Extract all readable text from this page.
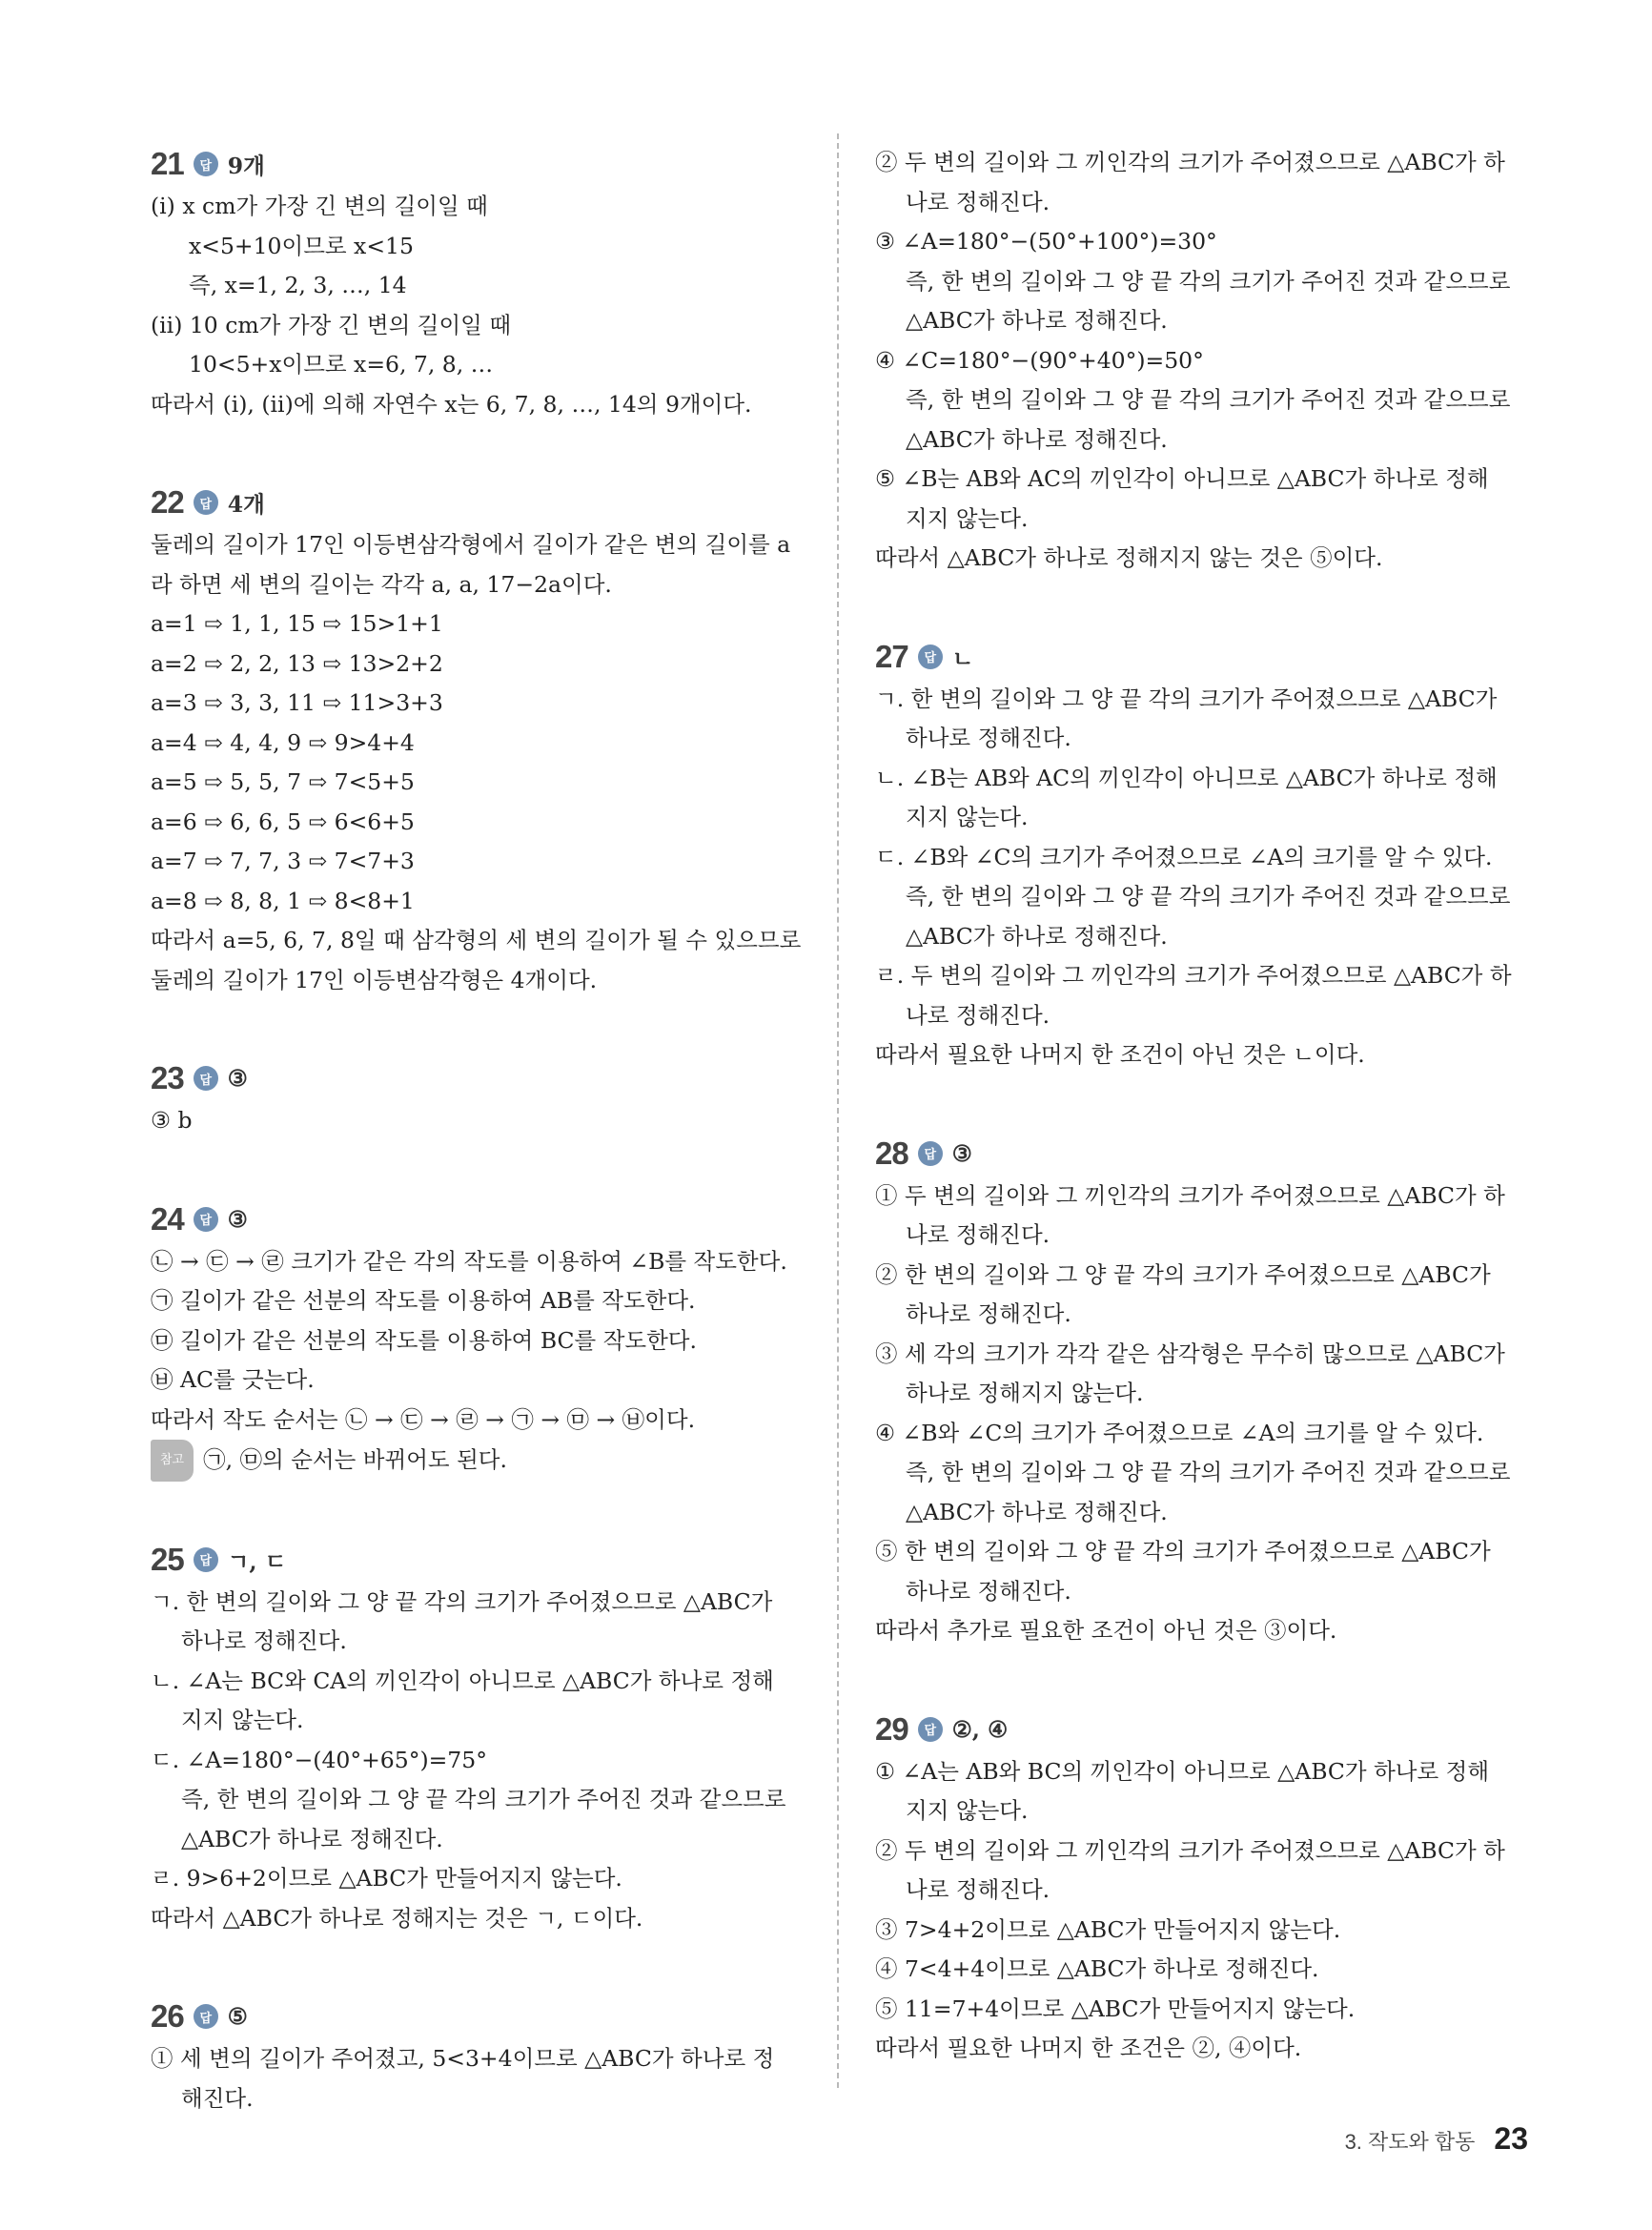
21	답 9개
(ⅰ) x cm가 가장 긴 변의 길이일 때
x<5+10이므로 x<15
즉, x=1, 2, 3, …, 14
(ⅱ) 10 cm가 가장 긴 변의 길이일 때
10<5+x이므로 x=6, 7, 8, …
따라서 (ⅰ), (ⅱ)에 의해 자연수 x는 6, 7, 8, …, 14의 9개이다.
22	답 4개
둘레의 길이가 17인 이등변삼각형에서 길이가 같은 변의 길이를 a
라 하면 세 변의 길이는 각각 a, a, 17−2a이다.
a=1 ⇨ 1, 1, 15 ⇨ 15>1+1
a=2 ⇨ 2, 2, 13 ⇨ 13>2+2
a=3 ⇨ 3, 3, 11 ⇨ 11>3+3
a=4 ⇨ 4, 4, 9 ⇨ 9>4+4
a=5 ⇨ 5, 5, 7 ⇨ 7<5+5
a=6 ⇨ 6, 6, 5 ⇨ 6<6+5
a=7 ⇨ 7, 7, 3 ⇨ 7<7+3
a=8 ⇨ 8, 8, 1 ⇨ 8<8+1
따라서 a=5, 6, 7, 8일 때 삼각형의 세 변의 길이가 될 수 있으므로
둘레의 길이가 17인 이등변삼각형은 4개이다.
23	답 ③
③ b
24	답 ③
㉡ → ㉢ → ㉣ 크기가 같은 각의 작도를 이용하여 ∠B를 작도한다.
㉠ 길이가 같은 선분의 작도를 이용하여 AB를 작도한다.
㉤ 길이가 같은 선분의 작도를 이용하여 BC를 작도한다.
㉥ AC를 긋는다.
따라서 작도 순서는 ㉡ → ㉢ → ㉣ → ㉠ → ㉤ → ㉥이다.
참고 ㉠, ㉤의 순서는 바뀌어도 된다.
25	답 ㄱ, ㄷ
ㄱ. 한 변의 길이와 그 양 끝 각의 크기가 주어졌으므로 △ABC가
하나로 정해진다.
ㄴ. ∠A는 BC와 CA의 끼인각이 아니므로 △ABC가 하나로 정해
지지 않는다.
ㄷ. ∠A=180°−(40°+65°)=75°
즉, 한 변의 길이와 그 양 끝 각의 크기가 주어진 것과 같으므로
△ABC가 하나로 정해진다.
ㄹ. 9>6+2이므로 △ABC가 만들어지지 않는다.
따라서 △ABC가 하나로 정해지는 것은 ㄱ, ㄷ이다.
26	답 ⑤
① 세 변의 길이가 주어졌고, 5<3+4이므로 △ABC가 하나로 정
해진다.
② 두 변의 길이와 그 끼인각의 크기가 주어졌으므로 △ABC가 하
나로 정해진다.
③ ∠A=180°−(50°+100°)=30°
즉, 한 변의 길이와 그 양 끝 각의 크기가 주어진 것과 같으므로
△ABC가 하나로 정해진다.
④ ∠C=180°−(90°+40°)=50°
즉, 한 변의 길이와 그 양 끝 각의 크기가 주어진 것과 같으므로
△ABC가 하나로 정해진다.
⑤ ∠B는 AB와 AC의 끼인각이 아니므로 △ABC가 하나로 정해
지지 않는다.
따라서 △ABC가 하나로 정해지지 않는 것은 ⑤이다.
27	답 ㄴ
ㄱ. 한 변의 길이와 그 양 끝 각의 크기가 주어졌으므로 △ABC가
하나로 정해진다.
ㄴ. ∠B는 AB와 AC의 끼인각이 아니므로 △ABC가 하나로 정해
지지 않는다.
ㄷ. ∠B와 ∠C의 크기가 주어졌으므로 ∠A의 크기를 알 수 있다.
즉, 한 변의 길이와 그 양 끝 각의 크기가 주어진 것과 같으므로
△ABC가 하나로 정해진다.
ㄹ. 두 변의 길이와 그 끼인각의 크기가 주어졌으므로 △ABC가 하
나로 정해진다.
따라서 필요한 나머지 한 조건이 아닌 것은 ㄴ이다.
28	답 ③
① 두 변의 길이와 그 끼인각의 크기가 주어졌으므로 △ABC가 하
나로 정해진다.
② 한 변의 길이와 그 양 끝 각의 크기가 주어졌으므로 △ABC가
하나로 정해진다.
③ 세 각의 크기가 각각 같은 삼각형은 무수히 많으므로 △ABC가
하나로 정해지지 않는다.
④ ∠B와 ∠C의 크기가 주어졌으므로 ∠A의 크기를 알 수 있다.
즉, 한 변의 길이와 그 양 끝 각의 크기가 주어진 것과 같으므로
△ABC가 하나로 정해진다.
⑤ 한 변의 길이와 그 양 끝 각의 크기가 주어졌으므로 △ABC가
하나로 정해진다.
따라서 추가로 필요한 조건이 아닌 것은 ③이다.
29	답 ②, ④
① ∠A는 AB와 BC의 끼인각이 아니므로 △ABC가 하나로 정해
지지 않는다.
② 두 변의 길이와 그 끼인각의 크기가 주어졌으므로 △ABC가 하
나로 정해진다.
③ 7>4+2이므로 △ABC가 만들어지지 않는다.
④ 7<4+4이므로 △ABC가 하나로 정해진다.
⑤ 11=7+4이므로 △ABC가 만들어지지 않는다.
따라서 필요한 나머지 한 조건은 ②, ④이다.
3. 작도와 합동 23
